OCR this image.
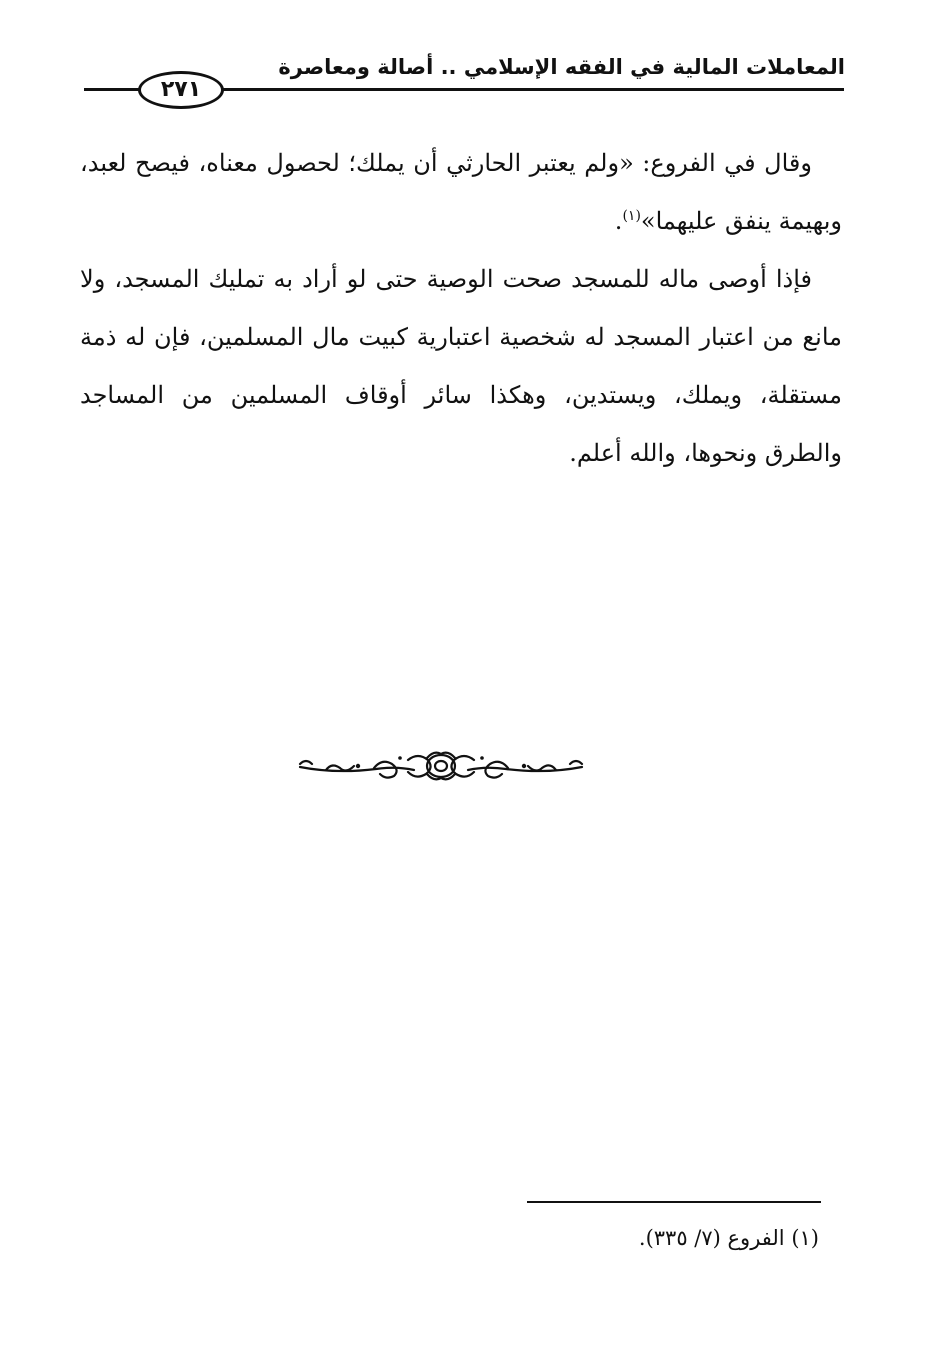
المعاملات المالية في الفقه الإسلامي .. أصالة ومعاصرة
٢٧١

وقال في الفروع: «ولم يعتبر الحارثي أن يملك؛ لحصول معناه، فيصح لعبد، وبهيمة ينفق عليهما»$^{(١)}$.

فإذا أوصى ماله للمسجد صحت الوصية حتى لو أراد به تمليك المسجد، ولا مانع من اعتبار المسجد له شخصية اعتبارية كبيت مال المسلمين، فإن له ذمة مستقلة، ويملك، ويستدين، وهكذا سائر أوقاف المسلمين من المساجد والطرق ونحوها، والله أعلم.

(١) الفروع (٧/ ٣٣٥).
